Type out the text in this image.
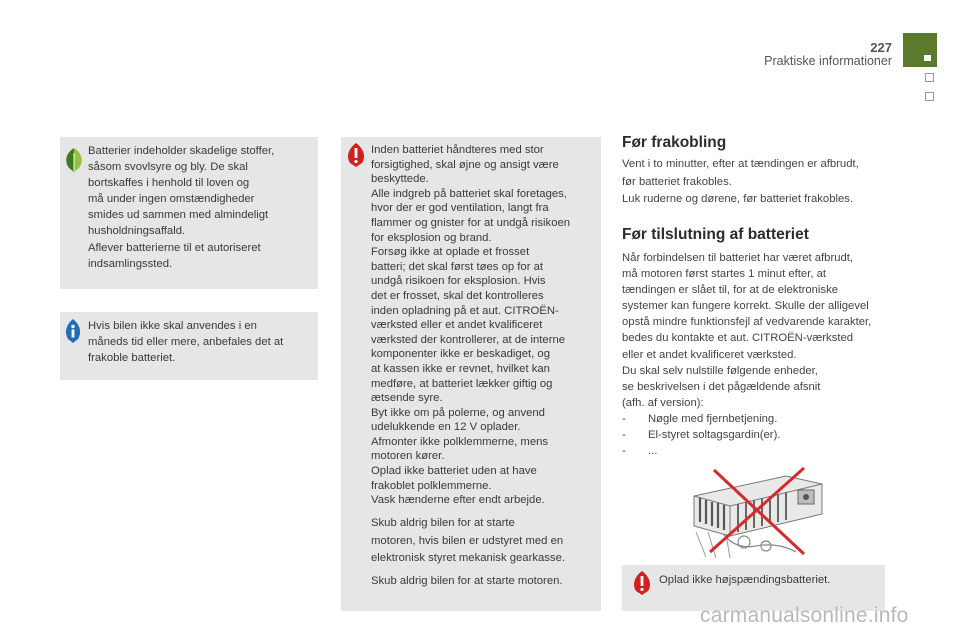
227
Praktiske informationer
Batterier indeholder skadelige stoffer,
såsom svovlsyre og bly. De skal
bortskaffes i henhold til loven og
må under ingen omstændigheder
smides ud sammen med almindeligt
husholdningsaffald.
Aflever batterierne til et autoriseret
indsamlingssted.
Hvis bilen ikke skal anvendes i en
måneds tid eller mere, anbefales det at
frakoble batteriet.
Inden batteriet håndteres med stor
forsigtighed, skal øjne og ansigt være
beskyttede.
Alle indgreb på batteriet skal foretages,
hvor der er god ventilation, langt fra
flammer og gnister for at undgå risikoen
for eksplosion og brand.
Forsøg ikke at oplade et frosset
batteri; det skal først tøes op for at
undgå risikoen for eksplosion. Hvis
det er frosset, skal det kontrolleres
inden opladning på et aut. CITROËN-
værksted eller et andet kvalificeret
værksted der kontrollerer, at de interne
komponenter ikke er beskadiget, og
at kassen ikke er revnet, hvilket kan
medføre, at batteriet lækker giftig og
ætsende syre.
Byt ikke om på polerne, og anvend
udelukkende en 12 V oplader.
Afmonter ikke polklemmerne, mens
motoren kører.
Oplad ikke batteriet uden at have
frakoblet polklemmerne.
Vask hænderne efter endt arbejde.
Skub aldrig bilen for at starte
motoren, hvis bilen er udstyret med en
elektronisk styret mekanisk gearkasse.
Skub aldrig bilen for at starte motoren.
Før frakobling
Vent i to minutter, efter at tændingen er afbrudt,
før batteriet frakobles.
Luk ruderne og dørene, før batteriet frakobles.
Før tilslutning af batteriet
Når forbindelsen til batteriet har været afbrudt,
må motoren først startes 1 minut efter, at
tændingen er slået til, for at de elektroniske
systemer kan fungere korrekt. Skulle der alligevel
opstå mindre funktionsfejl af vedvarende karakter,
bedes du kontakte et aut. CITROËN-værksted
eller et andet kvalificeret værksted.
Du skal selv nulstille følgende enheder,
se beskrivelsen i det pågældende afsnit
(afh. af version):
- Nøgle med fjernbetjening.
- El-styret soltagsgardin(er).
- ...
Oplad ikke højspændingsbatteriet.
carmanualsonline.info
